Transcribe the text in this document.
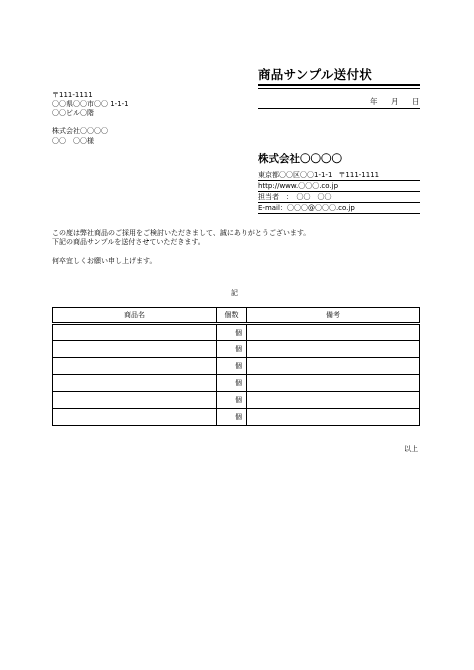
商品サンプル送付状
年 月 日
〒111-1111
〇〇県〇〇市〇〇 1-1-1
〇〇ビル〇階
株式会社〇〇〇〇
〇〇　〇〇様
株式会社〇〇〇〇
東京都〇〇区〇〇1-1-1 〒111-1111
http://www.〇〇〇.co.jp
担当者　：　〇〇　〇〇
E-mail：〇〇〇@〇〇〇.co.jp

この度は弊社商品のご採用をご検討いただきまして、誠にありがとうございます。

下記の商品サンプルを送付させていただきます。

何卒宜しくお願い申し上げます。

記
商品名	個数	備考
	個	
	個	
	個	
	個	
	個	
	個	
以上
